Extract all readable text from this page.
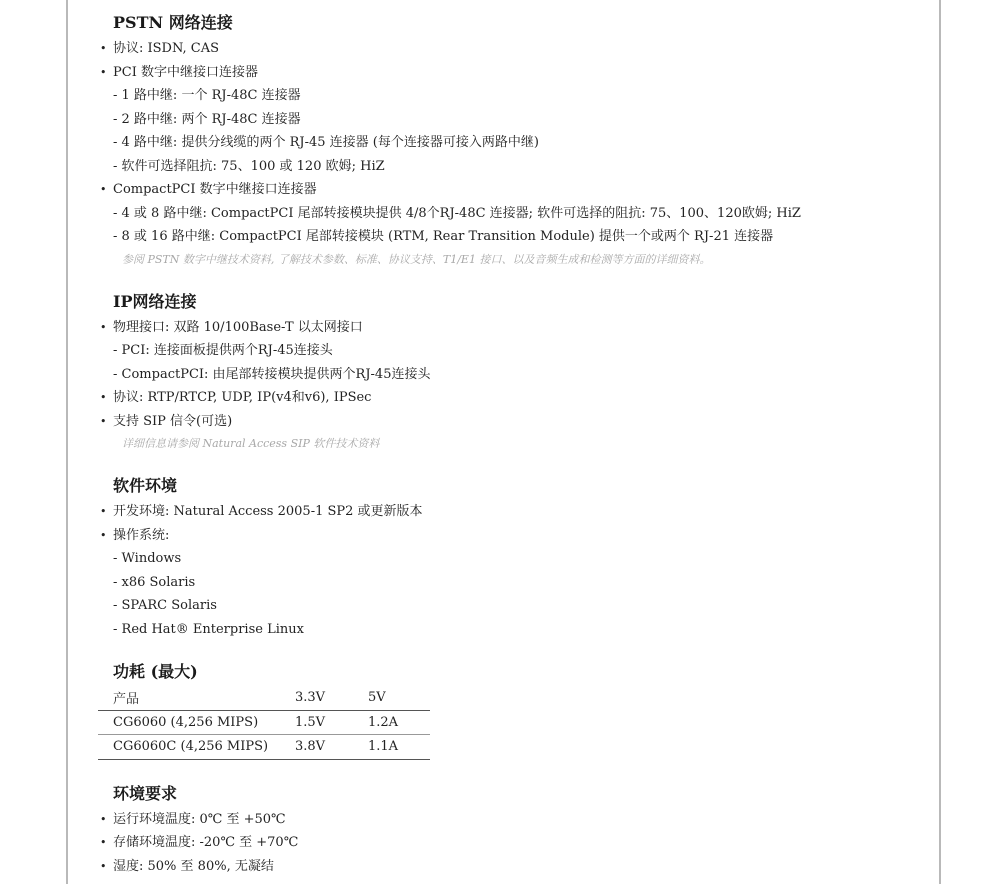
PSTN 网络连接
• 协议: ISDN, CAS
• PCI 数字中继接口连接器
- 1 路中继: 一个 RJ-48C 连接器
- 2 路中继: 两个 RJ-48C 连接器
- 4 路中继: 提供分线缆的两个 RJ-45 连接器 (每个连接器可接入两路中继)
- 软件可选择阻抗: 75、100 或 120 欧姆; HiZ
• CompactPCI 数字中继接口连接器
- 4 或 8 路中继: CompactPCI 尾部转接模块提供 4/8个RJ-48C 连接器; 软件可选择的阻抗: 75、100、120欧姆; HiZ
- 8 或 16 路中继: CompactPCI 尾部转接模块 (RTM, Rear Transition Module) 提供一个或两个 RJ-21 连接器
参阅 PSTN 数字中继技术资料, 了解技术参数、标准、协议支持、T1/E1 接口、以及音频生成和检测等方面的详细资料。
IP网络连接
• 物理接口: 双路 10/100Base-T 以太网接口
- PCI: 连接面板提供两个RJ-45连接头
- CompactPCI: 由尾部转接模块提供两个RJ-45连接头
• 协议: RTP/RTCP, UDP, IP(v4和v6), IPSec
• 支持 SIP 信令(可选)
详细信息请参阅 Natural Access SIP 软件技术资料
软件环境
• 开发环境: Natural Access 2005-1 SP2 或更新版本
• 操作系统:
- Windows
- x86 Solaris
- SPARC Solaris
- Red Hat® Enterprise Linux
功耗 (最大)
产品	3.3V	5V
CG6060 (4,256 MIPS)	1.5V	1.2A
CG6060C (4,256 MIPS)	3.8V	1.1A
环境要求
• 运行环境温度: 0℃ 至 +50℃
• 存储环境温度: -20℃ 至 +70℃
• 湿度: 50% 至 80%, 无凝结
